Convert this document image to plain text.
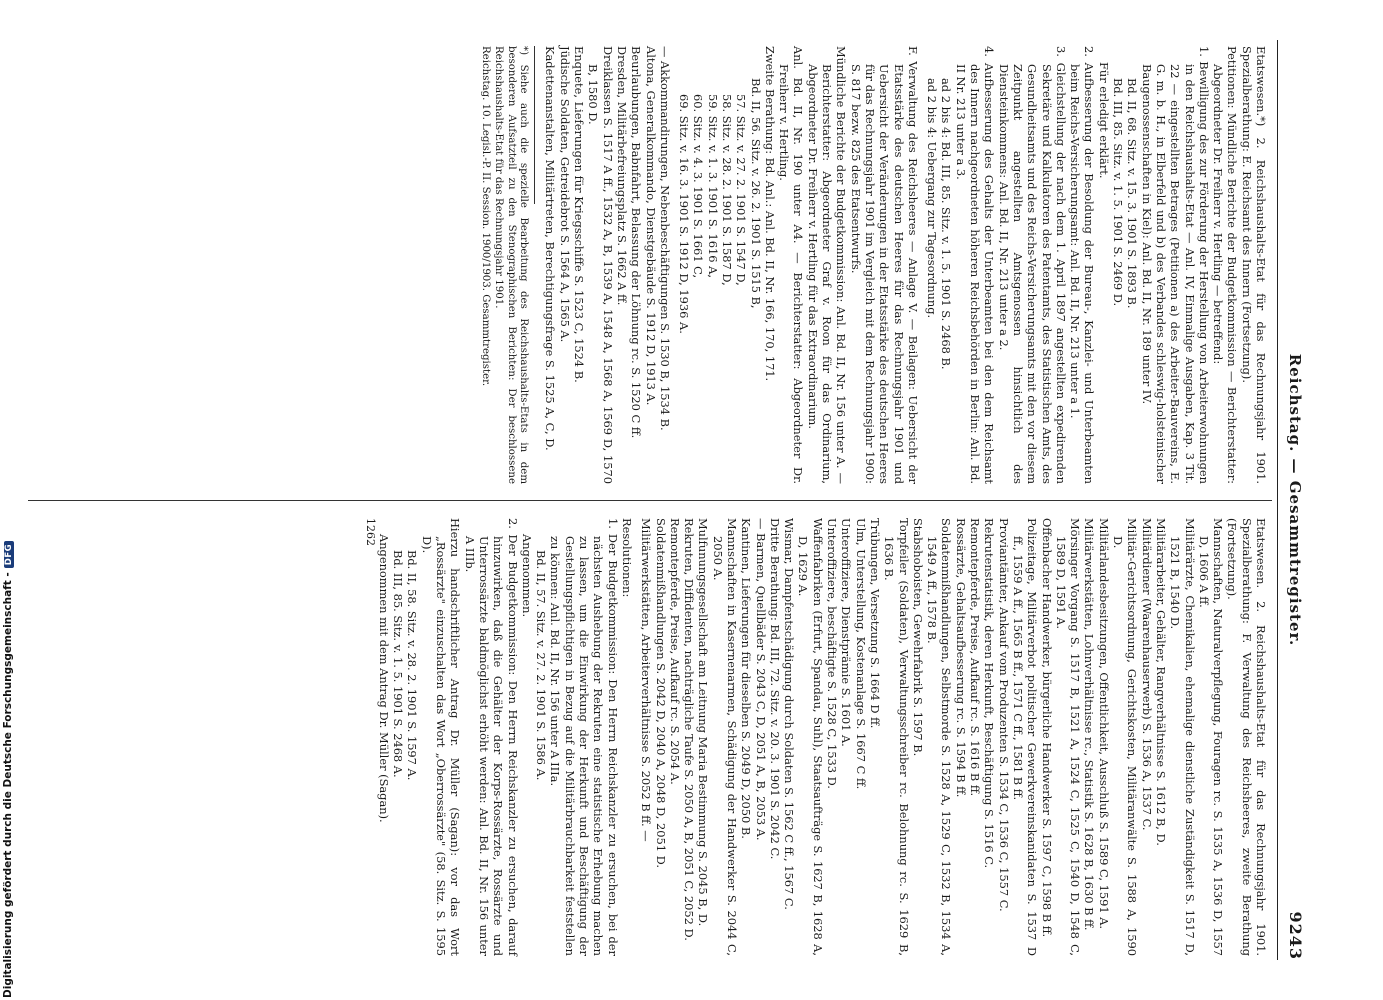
Reichstag. — Gesammtregister.
9243

Etatswesen.*) 2. Reichshaushalts-Etat für das Rechnungsjahr 1901. Spezialberathung: E. Reichsamt des Innern (Fortsetzung).

Petitionen: Mündliche Berichte der Budgetkommission — Berichterstatter: Abgeordneter Dr. Freiherr v. Hertling — betreffend:

1. Bewilligung des zur Förderung der Herstellung von Arbeiterwohnungen in den Reichshaushalts-Etat — Anl. IV, Einmalige Ausgaben, Kap. 3 Tit. 22 — eingestellten Betrages (Petitionen a) des Arbeiter-Bauvereins, E. G. m. b. H., in Elberfeld und b) des Verbandes schleswig-holsteinischer Baugenossenschaften in Kiel): Anl. Bd. II, Nr. 189 unter IV.

Bd. II, 68. Sitz. v. 15. 3. 1901 S. 1893 B.

Bd. III, 85. Sitz. v. 1. 5. 1901 S. 2469 D.

Für erledigt erklärt.

2. Aufbesserung der Besoldung der Bureau-, Kanzlei- und Unterbeamten beim Reichs-Versicherungsamt: Anl. Bd. II, Nr. 213 unter a 1.

3. Gleichstellung der nach dem 1. April 1897 angestellten expedirenden Sekretäre und Kalkulatoren des Patentamts, des Statistischen Amts, des Gesundheitsamts und des Reichs-Versicherungsamts mit den vor diesem Zeitpunkt angestellten Amtsgenossen hinsichtlich des Diensteinkommens: Anl. Bd. II, Nr. 213 unter a 2.

4. Aufbesserung des Gehalts der Unterbeamten bei den dem Reichsamt des Innern nachgeordneten höheren Reichsbehörden in Berlin: Anl. Bd. II Nr. 213 unter a 3.

ad 2 bis 4: Bd. III, 85. Sitz. v. 1. 5. 1901 S. 2468 B.

ad 2 bis 4: Uebergang zur Tagesordnung.

F. Verwaltung des Reichsheeres — Anlage V. — Beilagen: Uebersicht der Etatsstärke des deutschen Heeres für das Rechnungsjahr 1901 und Uebersicht der Veränderungen in der Etatsstärke des deutschen Heeres für das Rechnungsjahr 1901 im Vergleich mit dem Rechnungsjahr 1900: S. 817 bezw. 825 des Etatsentwurfs.

Mündliche Berichte der Budgetkommission: Anl. Bd. II, Nr. 156 unter A. — Berichterstatter: Abgeordneter Graf v. Roon für das Ordinarium, Abgeordneter Dr. Freiherr v. Hertling für das Extraordinarium.

Anl. Bd. II, Nr. 190 unter A4. — Berichterstatter: Abgeordneter Dr. Freiherr v. Hertling.

Zweite Berathung: Bd. Anl.: Anl. Bd. II, Nr. 166, 170, 171.

Bd. II, 56. Sitz. v. 26. 2. 1901 S. 1515 B,

57. Sitz. v. 27. 2. 1901 S. 1547 D,

58. Sitz. v. 28. 2. 1901 S. 1587 D,

59. Sitz. v. 1. 3. 1901 S. 1616 A,

60. Sitz. v. 4. 3. 1901 S. 1661 C,

69. Sitz. v. 16. 3. 1901 S. 1912 D, 1936 A.

— Akkommandirungen, Nebenbeschäftigungen S. 1530 B, 1534 B.

Altona, Generalkommando, Dienstgebäude S. 1912 D, 1913 A.

Beurlaubungen, Babnfahrt, Belassung der Löhnung rc. S. 1520 C ff.

Dresden, Militärbefreiungsplatz S. 1662 A ff.

Dreiklassen S. 1517 A ff., 1532 A, B, 1539 A, 1548 A, 1568 A, 1569 D, 1570 B, 1580 D.

Enquete, Lieferungen für Kriegsschiffe S. 1523 C, 1524 B.

Jüdische Soldaten, Getreidebrot S. 1564 A, 1565 A.

Kadettenanstalten, Militärtreten, Berechtigungsfrage S. 1525 A, C, D.

*) Siehe auch die spezielle Bearbeitung des Reichshaushalts-Etats in dem besonderen Aufsatzteil zu den Stenographischen Berichten: Der beschlossene Reichshaushalts-Etat für das Rechnungsjahr 1901.

Reichstag. 10. Legisl.-P. II. Session. 1900/1903. Gesammtregister.

Etatswesen. 2. Reichshaushalts-Etat für das Rechnungsjahr 1901. Spezialberathung: F. Verwaltung des Reichsheeres, zweite Berathung (Fortsetzung).

Mannschaften, Naturalverpflegung, Fouragen rc. S. 1535 A, 1536 D, 1557 D, 1606 A ff.

Militärärzte, Chemikalien, ehemalige dienstliche Zuständigkeit S. 1517 D, 1521 B, 1540 D.

Militärarbeiter, Gehälter, Rangverhältnisse S. 1612 B, D.

Militärdiener (Waarenhauserwerb) S. 1536 A, 1537 C.

Militär-Gerichtsordnung, Gerichtskosten, Militäranwälte S. 1588 A, 1590 D.

Militärlandesbesitzungen, Offentlichkeit, Ausschluß S. 1589 C, 1591 A.

Militärwerkstätten, Lohnverhältnisse rc., Statistik S. 1628 B, 1630 B ff.

Mörsinger Vorgang S. 1517 B, 1521 A, 1524 C, 1525 C, 1540 D, 1548 C, 1589 D, 1591 A.

Offenbacher Handwerker, bürgerliche Handwerker S. 1597 C, 1598 B ff.

Polizeitage, Militärverbot politischer Gewerkvereinskanidaten S. 1537 D ff., 1559 A ff., 1565 B ff., 1571 C ff., 1581 B ff.

Proviantämter, Ankauf vom Produzenten S. 1534 C, 1536 C, 1557 C.

Rekrutenstatistik, deren Herkunft, Beschäftigung S. 1516 C.

Remontepferde, Preise, Aufkauf rc. S. 1616 B ff.

Rossärzte, Gehaltsaufbesserung rc. S. 1594 B ff.

Soldatenmißhandlungen, Selbstmorde S. 1528 A, 1529 C, 1532 B, 1534 A, 1549 A ff., 1578 B.

Stabshoboisten, Gewehrfabrik S. 1597 B.

Torpfeiler (Soldaten), Verwaltungsschreiber rc. Belohnung rc. S. 1629 B, 1636 B.

Trübungen, Versetzung S. 1664 D ff.

Ulm, Unterstellung, Kostenanlage S. 1667 C ff.

Unteroffiziere, Dienstprämie S. 1601 A.

Unteroffiziere, beschäftigte S. 1528 C, 1533 D.

Waffenfabriken (Erfurt, Spandau, Suhl), Staatsaufträge S. 1627 B, 1628 A, D, 1629 A.

Wismar, Dampfentschädigung durch Soldaten S. 1562 C ff., 1567 C.

Dritte Berathung: Bd. III, 72. Sitz. v. 20. 3. 1901 S. 2042 C.

— Barmen, Quellbäder S. 2043 C, D, 2051 A, B, 2053 A.

Kantinen, Lieferungen für dieselben S. 2049 D, 2050 B.

Mannschaften in Kasernenarmen, Schädigung der Handwerker S. 2044 C, 2050 A.

Mulfunungsgesellschaft am Leitnung Maria Bestimmung S. 2045 B, D.

Rekruten, Diffidenten, nachträgliche Taufe S. 2050 A, B, 2051 C, 2052 D.

Remontepferde, Preise, Aufkauf rc. S. 2054 A.

Soldatenmißhandlungen S. 2042 D, 2040 A, 2048 D, 2051 D.

Militärwerkstätten, Arbeiterverhältnisse S. 2052 B ff. —

Resolutionen:

1. Der Budgetkommission: Den Herrn Reichskanzler zu ersuchen, bei der nächsten Aushebung der Rekruten eine statistische Erhebung machen zu lassen, um die Einwirkung der Herkunft und Beschäftigung der Gestellungspflichtigen in Bezug auf die Militärbrauchbarkeit feststellen zu können: Anl. Bd. II, Nr. 156 unter A IIIa.

Bd. II, 57. Sitz. v. 27. 2. 1901 S. 1586 A.

Angenommen.

2. Der Budgetkommission: Den Herrn Reichskanzler zu ersuchen, darauf hinzuwirken, daß die Gehälter der Korps-Rossärzte, Rossärzte und Unterrossärzte baldmöglichst erhöht werden: Anl. Bd. II, Nr. 156 unter A IIIb.

Hierzu handschriftlicher Antrag Dr. Müller (Sagan): vor das Wort „Rossärzte" einzuschalten das Wort „Oberrossärzte" (58. Sitz. S. 1595 D).

Bd. II, 58. Sitz. v. 28. 2. 1901 S. 1597 A.

Bd. III, 85. Sitz. v. 1. 5. 1901 S. 2468 A.

Angenommen mit dem Antrag Dr. Müller (Sagan).

1262

Digitalisierung gefördert durch die Deutsche Forschungsgemeinschaft -DFG
